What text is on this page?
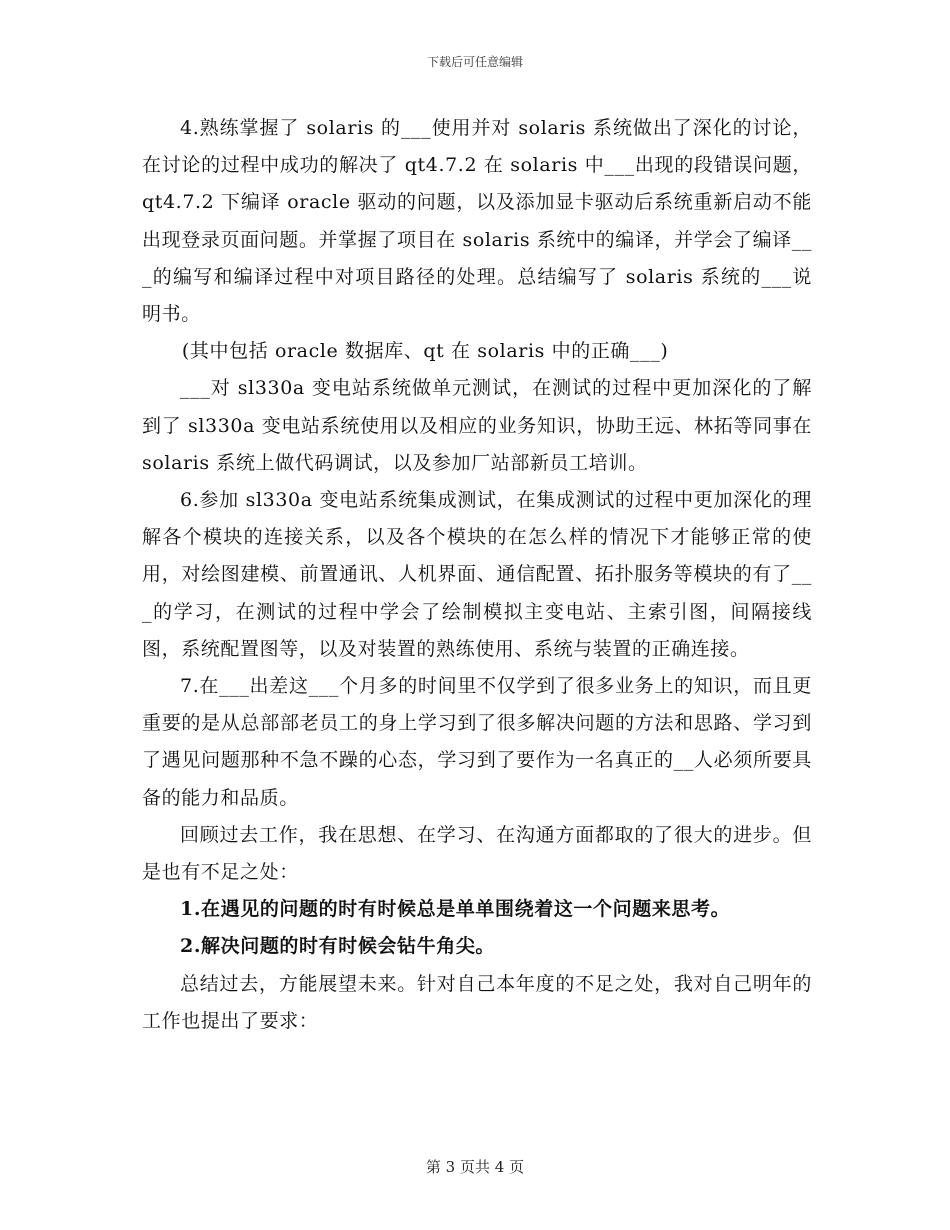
下载后可任意编辑

4.熟练掌握了 solaris 的___使用并对 solaris 系统做出了深化的讨论，在讨论的过程中成功的解决了 qt4.7.2 在 solaris 中___出现的段错误问题，qt4.7.2 下编译 oracle 驱动的问题，以及添加显卡驱动后系统重新启动不能出现登录页面问题。并掌握了项目在 solaris 系统中的编译，并学会了编译___的编写和编译过程中对项目路径的处理。总结编写了 solaris 系统的___说明书。

(其中包括 oracle 数据库、qt 在 solaris 中的正确___)

___对 sl330a 变电站系统做单元测试，在测试的过程中更加深化的了解到了 sl330a 变电站系统使用以及相应的业务知识，协助王远、林拓等同事在 solaris 系统上做代码调试，以及参加厂站部新员工培训。

6.参加 sl330a 变电站系统集成测试，在集成测试的过程中更加深化的理解各个模块的连接关系，以及各个模块的在怎么样的情况下才能够正常的使用，对绘图建模、前置通讯、人机界面、通信配置、拓扑服务等模块的有了___的学习，在测试的过程中学会了绘制模拟主变电站、主索引图，间隔接线图，系统配置图等，以及对装置的熟练使用、系统与装置的正确连接。

7.在___出差这___个月多的时间里不仅学到了很多业务上的知识，而且更重要的是从总部部老员工的身上学习到了很多解决问题的方法和思路、学习到了遇见问题那种不急不躁的心态，学习到了要作为一名真正的__人必须所要具备的能力和品质。

回顾过去工作，我在思想、在学习、在沟通方面都取的了很大的进步。但是也有不足之处：

1.在遇见的问题的时有时候总是单单围绕着这一个问题来思考。

2.解决问题的时有时候会钻牛角尖。

总结过去，方能展望未来。针对自己本年度的不足之处，我对自己明年的工作也提出了要求：

第 3 页共 4 页
